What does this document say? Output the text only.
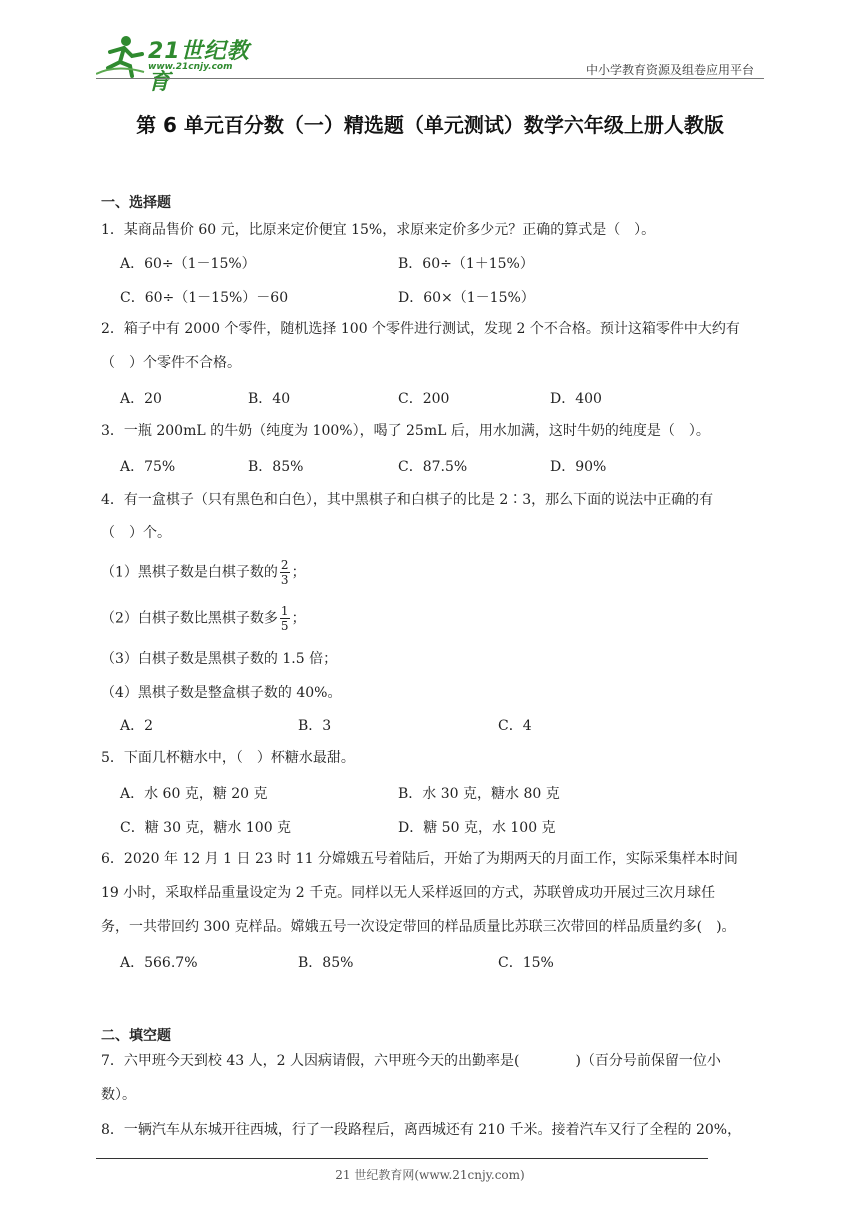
21世纪教育
www.21cnjy.com	中小学教育资源及组卷应用平台
第 6 单元百分数（一）精选题（单元测试）数学六年级上册人教版
一、选择题
1．某商品售价 60 元，比原来定价便宜 15%，求原来定价多少元？正确的算式是（　）。
A．60÷（1－15%）	B．60÷（1＋15%）
C．60÷（1－15%）－60	D．60×（1－15%）
2．箱子中有 2000 个零件，随机选择 100 个零件进行测试，发现 2 个不合格。预计这箱零件中大约有
（　）个零件不合格。
A．20	B．40	C．200	D．400
3．一瓶 200mL 的牛奶（纯度为 100%），喝了 25mL 后，用水加满，这时牛奶的纯度是（　）。
A．75%	B．85%	C．87.5%	D．90%
4．有一盒棋子（只有黑色和白色），其中黑棋子和白棋子的比是 2∶3，那么下面的说法中正确的有
（　）个。
（1）黑棋子数是白棋子数的 $\frac{2}{3}$ ；
（2）白棋子数比黑棋子数多 $\frac{1}{5}$ ；
（3）白棋子数是黑棋子数的 1.5 倍；
（4）黑棋子数是整盒棋子数的 40%。
A．2	B．3	C．4
5．下面几杯糖水中，（　）杯糖水最甜。
A．水 60 克，糖 20 克	B．水 30 克，糖水 80 克
C．糖 30 克，糖水 100 克	D．糖 50 克，水 100 克
6．2020 年 12 月 1 日 23 时 11 分嫦娥五号着陆后，开始了为期两天的月面工作，实际采集样本时间
19 小时，采取样品重量设定为 2 千克。同样以无人采样返回的方式，苏联曾成功开展过三次月球任
务，一共带回约 300 克样品。嫦娥五号一次设定带回的样品质量比苏联三次带回的样品质量约多(　)。
A．566.7%	B．85%	C．15%
二、填空题
7．六甲班今天到校 43 人，2 人因病请假，六甲班今天的出勤率是(　　　　)（百分号前保留一位小
数）。
8．一辆汽车从东城开往西城，行了一段路程后，离西城还有 210 千米。接着汽车又行了全程的 20%，
21 世纪教育网(www.21cnjy.com)
